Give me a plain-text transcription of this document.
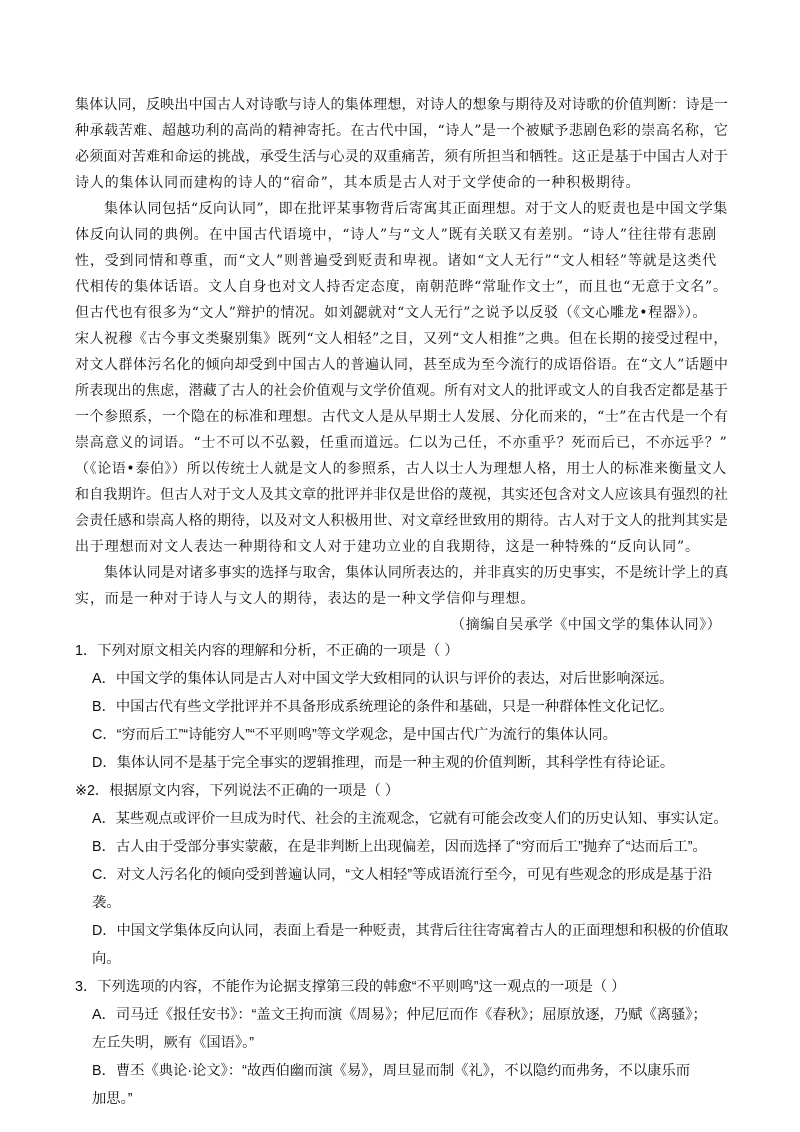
集体认同，反映出中国古人对诗歌与诗人的集体理想，对诗人的想象与期待及对诗歌的价值判断：诗是一
种承载苦难、超越功利的高尚的精神寄托。在古代中国，“诗人”是一个被赋予悲剧色彩的崇高名称，它
必须面对苦难和命运的挑战，承受生活与心灵的双重痛苦，须有所担当和牺牲。这正是基于中国古人对于
诗人的集体认同而建构的诗人的“宿命”，其本质是古人对于文学使命的一种积极期待。
集体认同包括“反向认同”，即在批评某事物背后寄寓其正面理想。对于文人的贬责也是中国文学集
体反向认同的典例。在中国古代语境中，“诗人”与“文人”既有关联又有差别。“诗人”往往带有悲剧
性，受到同情和尊重，而“文人”则普遍受到贬责和卑视。诸如“文人无行”“文人相轻”等就是这类代
代相传的集体话语。文人自身也对文人持否定态度，南朝范晔“常耻作文士”，而且也“无意于文名”。
但古代也有很多为“文人”辩护的情况。如刘勰就对“文人无行”之说予以反驳（《文心雕龙•程器》）。
宋人祝穆《古今事文类聚别集》既列“文人相轻”之目，又列“文人相推”之典。但在长期的接受过程中，
对文人群体污名化的倾向却受到中国古人的普遍认同，甚至成为至今流行的成语俗语。在“文人”话题中
所表现出的焦虑，潜藏了古人的社会价值观与文学价值观。所有对文人的批评或文人的自我否定都是基于
一个参照系，一个隐在的标准和理想。古代文人是从早期士人发展、分化而来的，“士”在古代是一个有
崇高意义的词语。“士不可以不弘毅，任重而道远。仁以为己任，不亦重乎？死而后已，不亦远乎？”
（《论语•泰伯》）所以传统士人就是文人的参照系，古人以士人为理想人格，用士人的标准来衡量文人
和自我期许。但古人对于文人及其文章的批评并非仅是世俗的蔑视，其实还包含对文人应该具有强烈的社
会责任感和崇高人格的期待，以及对文人积极用世、对文章经世致用的期待。古人对于文人的批判其实是
出于理想而对文人表达一种期待和文人对于建功立业的自我期待，这是一种特殊的“反向认同”。
集体认同是对诸多事实的选择与取舍，集体认同所表达的，并非真实的历史事实，不是统计学上的真
实，而是一种对于诗人与文人的期待，表达的是一种文学信仰与理想。
（摘编自吴承学《中国文学的集体认同》）
1．下列对原文相关内容的理解和分析，不正确的一项是（ ）
A．中国文学的集体认同是古人对中国文学大致相同的认识与评价的表达，对后世影响深远。
B．中国古代有些文学批评并不具备形成系统理论的条件和基础，只是一种群体性文化记忆。
C．“穷而后工”“诗能穷人”“不平则鸣”等文学观念，是中国古代广为流行的集体认同。
D．集体认同不是基于完全事实的逻辑推理，而是一种主观的价值判断，其科学性有待论证。
※2．根据原文内容，下列说法不正确的一项是（ ）
A．某些观点或评价一旦成为时代、社会的主流观念，它就有可能会改变人们的历史认知、事实认定。
B．古人由于受部分事实蒙蔽，在是非判断上出现偏差，因而选择了“穷而后工”抛弃了“达而后工”。
C．对文人污名化的倾向受到普遍认同，“文人相轻”等成语流行至今，可见有些观念的形成是基于沿
袭。
D．中国文学集体反向认同，表面上看是一种贬责，其背后往往寄寓着古人的正面理想和积极的价值取
向。
3．下列选项的内容，不能作为论据支撑第三段的韩愈“不平则鸣”这一观点的一项是（ ）
A．司马迁《报任安书》：“盖文王拘而演《周易》；仲尼厄而作《春秋》；屈原放逐，乃赋《离骚》；
左丘失明，厥有《国语》。”
B．曹丕《典论·论文》：“故西伯幽而演《易》，周旦显而制《礼》，不以隐约而弗务，不以康乐而
加思。”
